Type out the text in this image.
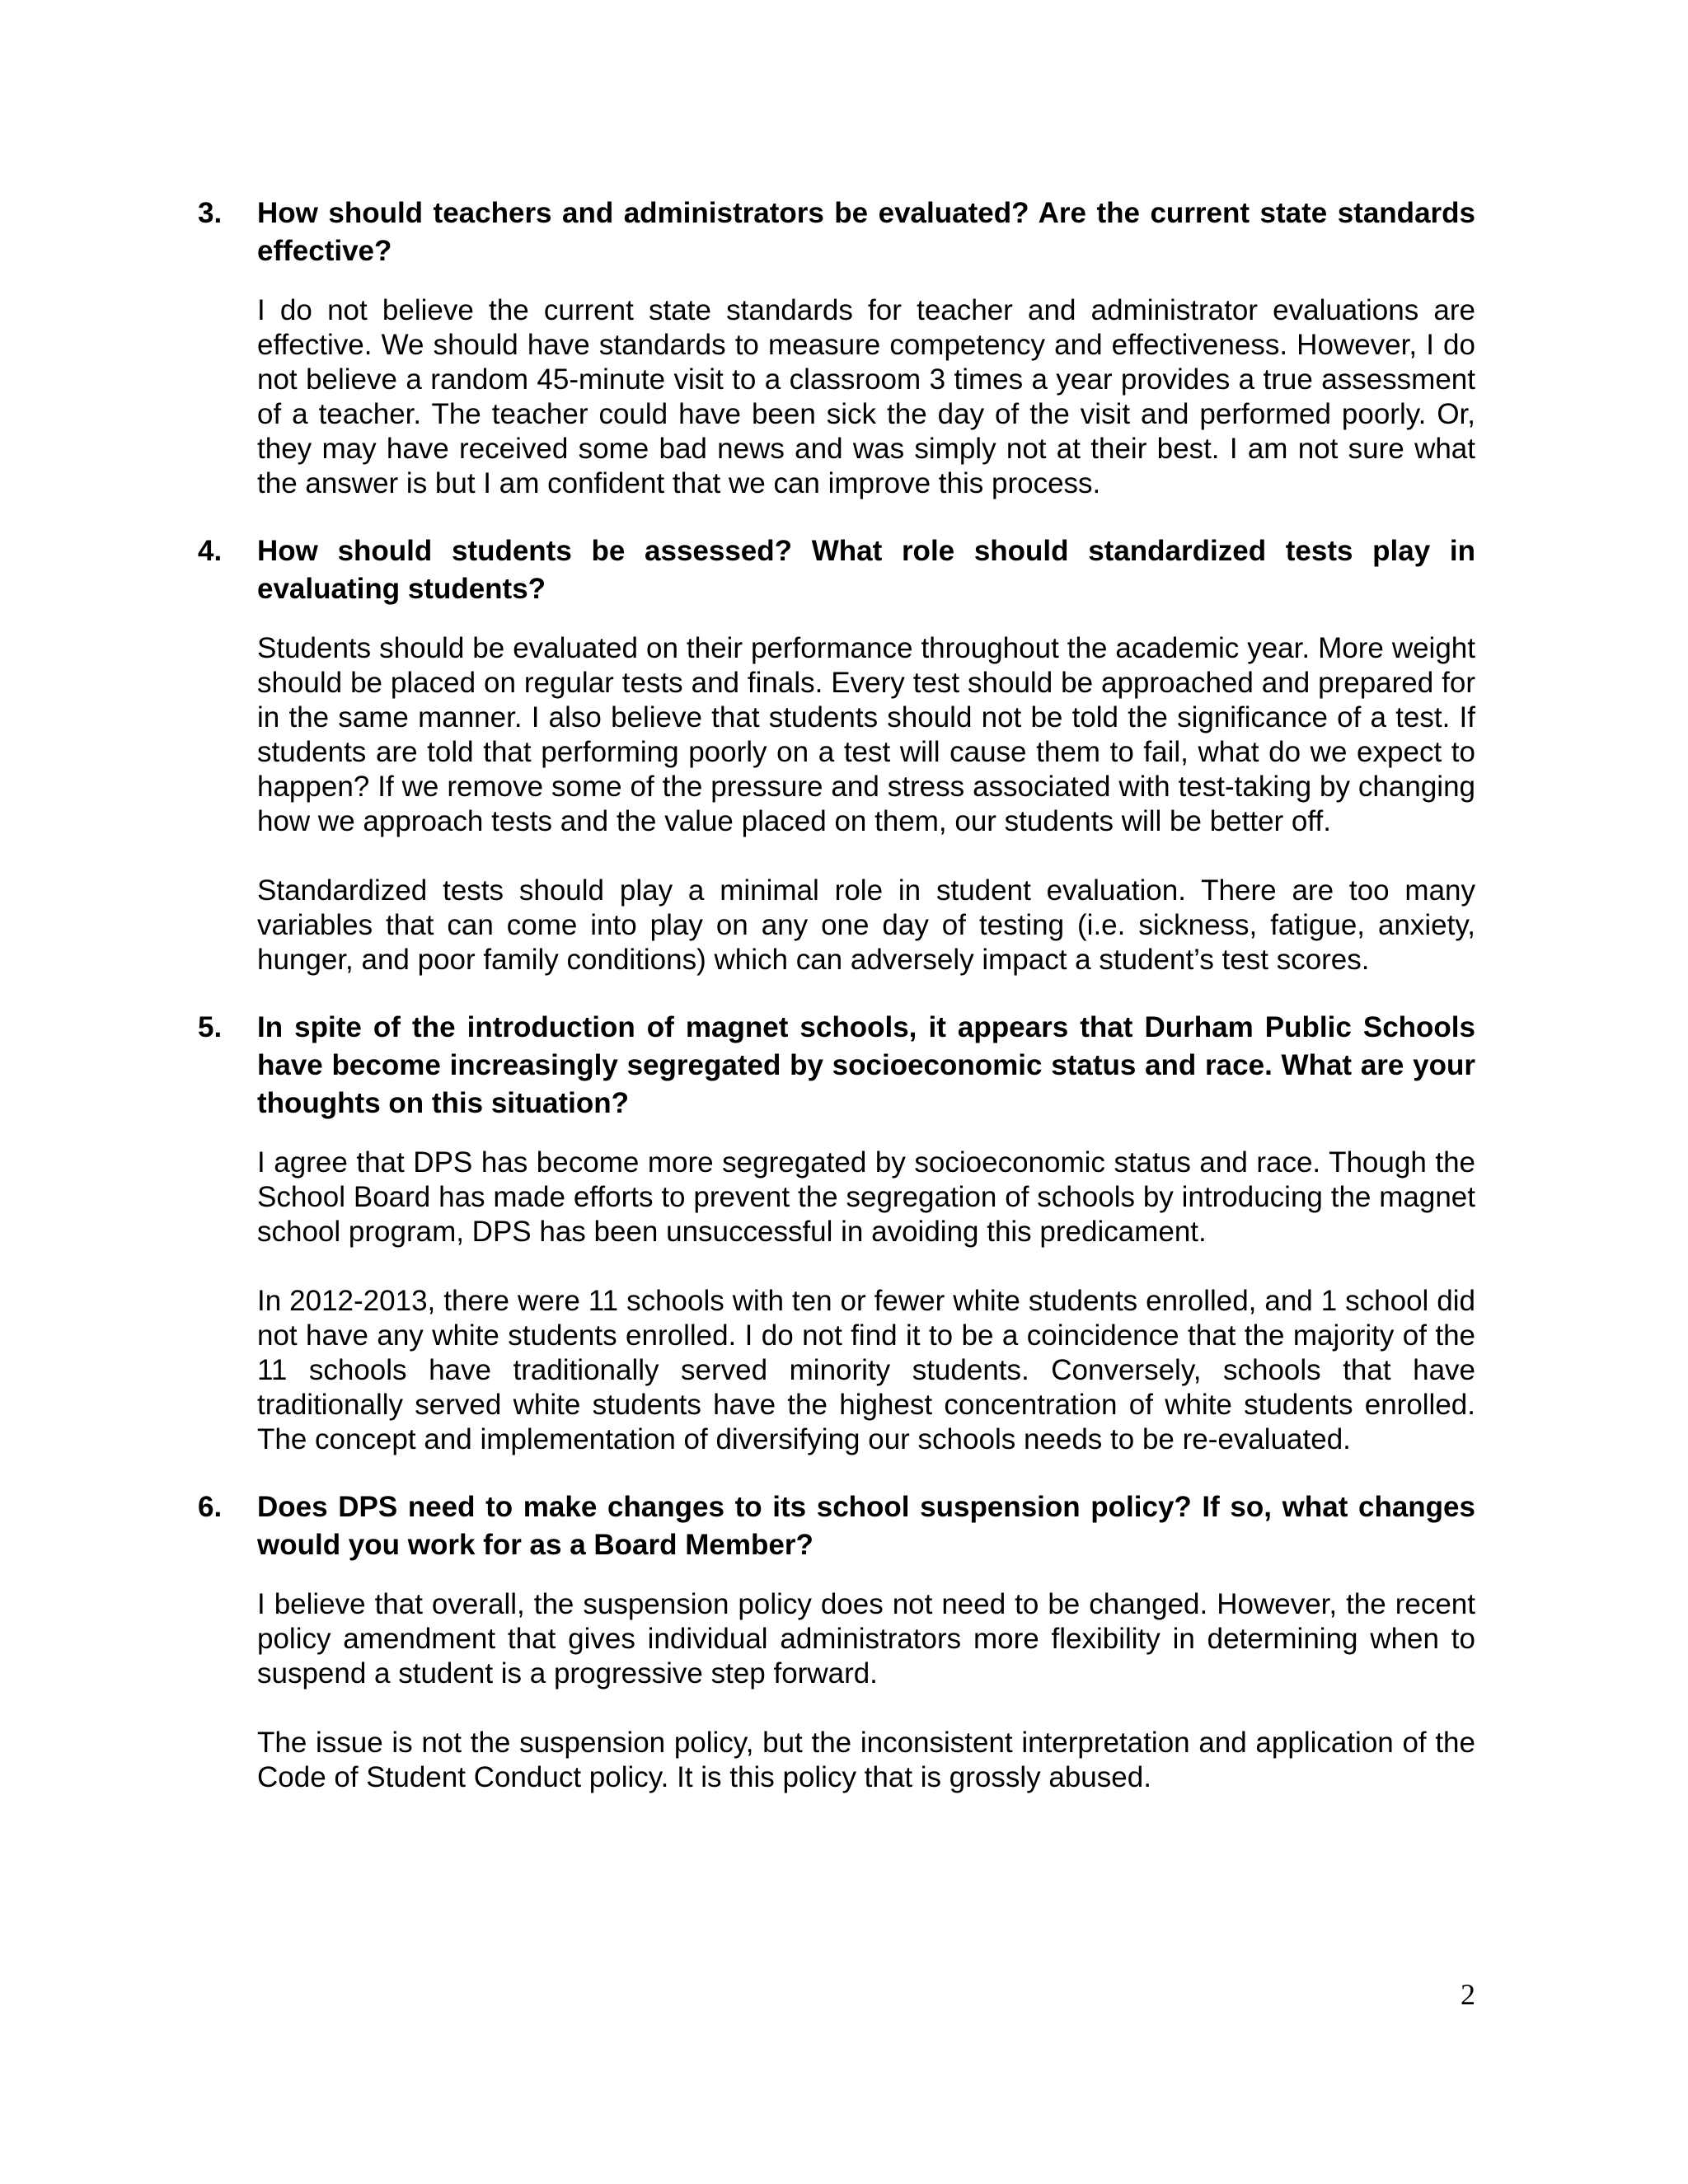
3. How should teachers and administrators be evaluated? Are the current state standards effective?

I do not believe the current state standards for teacher and administrator evaluations are effective. We should have standards to measure competency and effectiveness. However, I do not believe a random 45-minute visit to a classroom 3 times a year provides a true assessment of a teacher. The teacher could have been sick the day of the visit and performed poorly. Or, they may have received some bad news and was simply not at their best. I am not sure what the answer is but I am confident that we can improve this process.

4. How should students be assessed? What role should standardized tests play in evaluating students?

Students should be evaluated on their performance throughout the academic year. More weight should be placed on regular tests and finals. Every test should be approached and prepared for in the same manner. I also believe that students should not be told the significance of a test. If students are told that performing poorly on a test will cause them to fail, what do we expect to happen? If we remove some of the pressure and stress associated with test-taking by changing how we approach tests and the value placed on them, our students will be better off.

Standardized tests should play a minimal role in student evaluation. There are too many variables that can come into play on any one day of testing (i.e. sickness, fatigue, anxiety, hunger, and poor family conditions) which can adversely impact a student’s test scores.

5. In spite of the introduction of magnet schools, it appears that Durham Public Schools have become increasingly segregated by socioeconomic status and race. What are your thoughts on this situation?

I agree that DPS has become more segregated by socioeconomic status and race. Though the School Board has made efforts to prevent the segregation of schools by introducing the magnet school program, DPS has been unsuccessful in avoiding this predicament.

In 2012-2013, there were 11 schools with ten or fewer white students enrolled, and 1 school did not have any white students enrolled. I do not find it to be a coincidence that the majority of the 11 schools have traditionally served minority students. Conversely, schools that have traditionally served white students have the highest concentration of white students enrolled. The concept and implementation of diversifying our schools needs to be re-evaluated.

6. Does DPS need to make changes to its school suspension policy? If so, what changes would you work for as a Board Member?

I believe that overall, the suspension policy does not need to be changed. However, the recent policy amendment that gives individual administrators more flexibility in determining when to suspend a student is a progressive step forward.

The issue is not the suspension policy, but the inconsistent interpretation and application of the Code of Student Conduct policy. It is this policy that is grossly abused.

2
